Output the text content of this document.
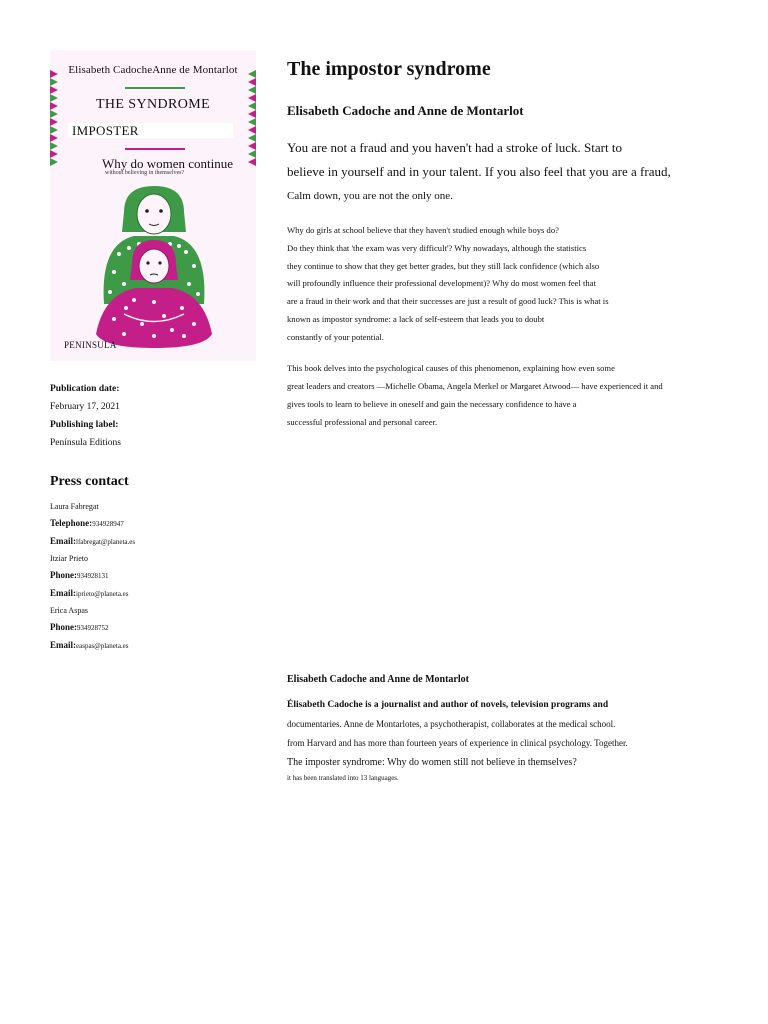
Elisabeth CadocheAnne de Montarlot
THE SYNDROME
IMPOSTER
Why do women continue
without believing in themselves?
PENINSULA
Publication date:
February 17, 2021
Publishing label:
Península Editions
Press contact
Laura Fabregat
Telephone:934928947
Email:lfabregat@planeta.es
Itziar Prieto
Phone:934928131
Email:iprieto@planeta.es
Erica Aspas
Phone:934928752
Email:easpas@planeta.es
The impostor syndrome
Elisabeth Cadoche and Anne de Montarlot
You are not a fraud and you haven't had a stroke of luck. Start to
believe in yourself and in your talent. If you also feel that you are a fraud,
Calm down, you are not the only one.
Why do girls at school believe that they haven't studied enough while boys do?
Do they think that 'the exam was very difficult'? Why nowadays, although the statistics
they continue to show that they get better grades, but they still lack confidence (which also
will profoundly influence their professional development)? Why do most women feel that
are a fraud in their work and that their successes are just a result of good luck? This is what is
known as impostor syndrome: a lack of self-esteem that leads you to doubt
constantly of your potential.
This book delves into the psychological causes of this phenomenon, explaining how even some
great leaders and creators —Michelle Obama, Angela Merkel or Margaret Atwood— have experienced it and
gives tools to learn to believe in oneself and gain the necessary confidence to have a
successful professional and personal career.
Elisabeth Cadoche and Anne de Montarlot
Élisabeth Cadoche is a journalist and author of novels, television programs and
documentaries. Anne de Montarlotes, a psychotherapist, collaborates at the medical school.
from Harvard and has more than fourteen years of experience in clinical psychology. Together.
The imposter syndrome: Why do women still not believe in themselves?
it has been translated into 13 languages.
